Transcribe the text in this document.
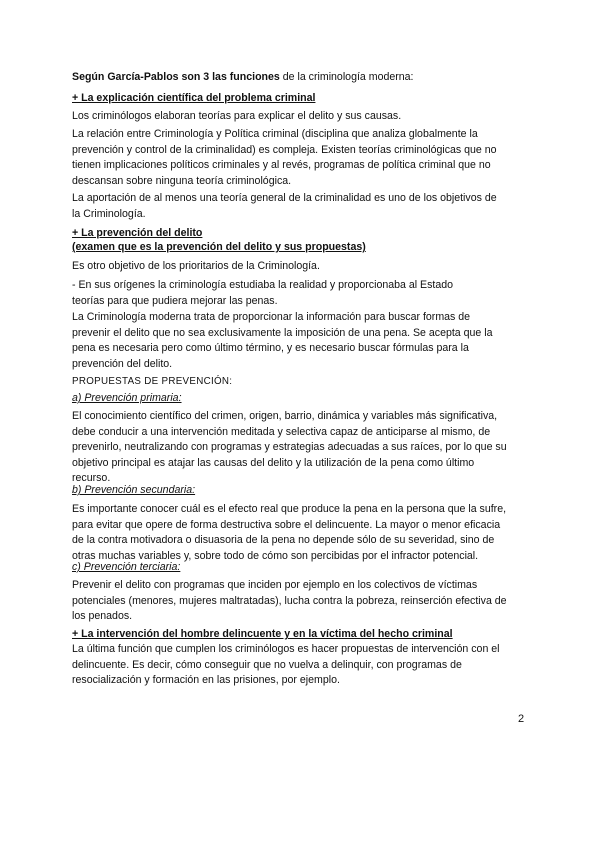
Según García-Pablos son 3 las funciones de la criminología moderna:

+ La explicación científica del problema criminal

Los criminólogos elaboran teorías para explicar el delito y sus causas.

La relación entre Criminología y Política criminal (disciplina que analiza globalmente la
prevención y control de la criminalidad) es compleja. Existen teorías criminológicas que no
tienen implicaciones políticos criminales y al revés, programas de política criminal que no
descansan sobre ninguna teoría criminológica.

La aportación de al menos una teoría general de la criminalidad es uno de los objetivos de
la Criminología.

+ La prevención del delito
(examen que es la prevención del delito y sus propuestas)

Es otro objetivo de los prioritarios de la Criminología.

- En sus orígenes la criminología estudiaba la realidad y proporcionaba al Estado
teorías para que pudiera mejorar las penas.

La Criminología moderna trata de proporcionar la información para buscar formas de
prevenir el delito que no sea exclusivamente la imposición de una pena. Se acepta que la
pena es necesaria pero como último término, y es necesario buscar fórmulas para la
prevención del delito.

PROPUESTAS DE PREVENCIÓN:
a) Prevención primaria:

El conocimiento científico del crimen, origen, barrio, dinámica y variables más significativa,
debe conducir a una intervención meditada y selectiva capaz de anticiparse al mismo, de
prevenirlo, neutralizando con programas y estrategias adecuadas a sus raíces, por lo que su
objetivo principal es atajar las causas del delito y la utilización de la pena como último
recurso.

b) Prevención secundaria:

Es importante conocer cuál es el efecto real que produce la pena en la persona que la sufre,
para evitar que opere de forma destructiva sobre el delincuente. La mayor o menor eficacia
de la contra motivadora o disuasoria de la pena no depende sólo de su severidad, sino de
otras muchas variables y, sobre todo de cómo son percibidas por el infractor potencial.

c) Prevención terciaria:

Prevenir el delito con programas que inciden por ejemplo en los colectivos de víctimas
potenciales (menores, mujeres maltratadas), lucha contra la pobreza, reinserción efectiva de
los penados.

+ La intervención del hombre delincuente y en la víctima del hecho criminal

La última función que cumplen los criminólogos es hacer propuestas de intervención con el
delincuente. Es decir, cómo conseguir que no vuelva a delinquir, con programas de
resocialización y formación en las prisiones, por ejemplo.

2
